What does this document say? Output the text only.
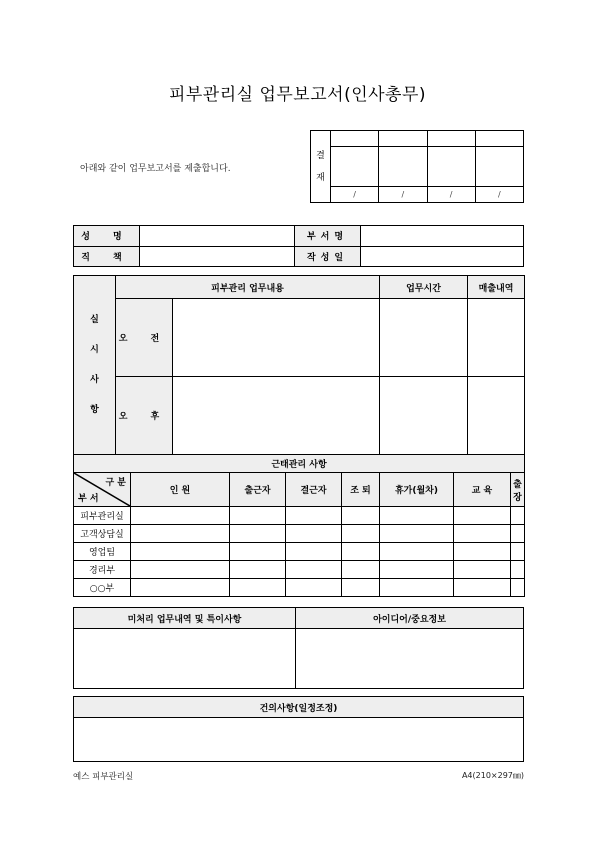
피부관리실 업무보고서(인사총무)
아래와 같이 업무보고서를 제출합니다.
결
재				

	/	/	/	/
성 명		부서명	
직 책		작성일	
실
시
사
항	피부관리 업무내용						업무시간		매출내역	
	오 전									
	오 후									
근태관리 사항										

구 분
부 서		인 원		출근자	결근자	조 퇴	휴가(월차)	교 육		출 장
피부관리실										
고객상담실										
영업팀										
경리부										
○○부										
미처리 업무내역 및 특이사항	아이디어/중요정보

건의사항(일정조정)

예스 피부관리실	A4(210×297㎜)
